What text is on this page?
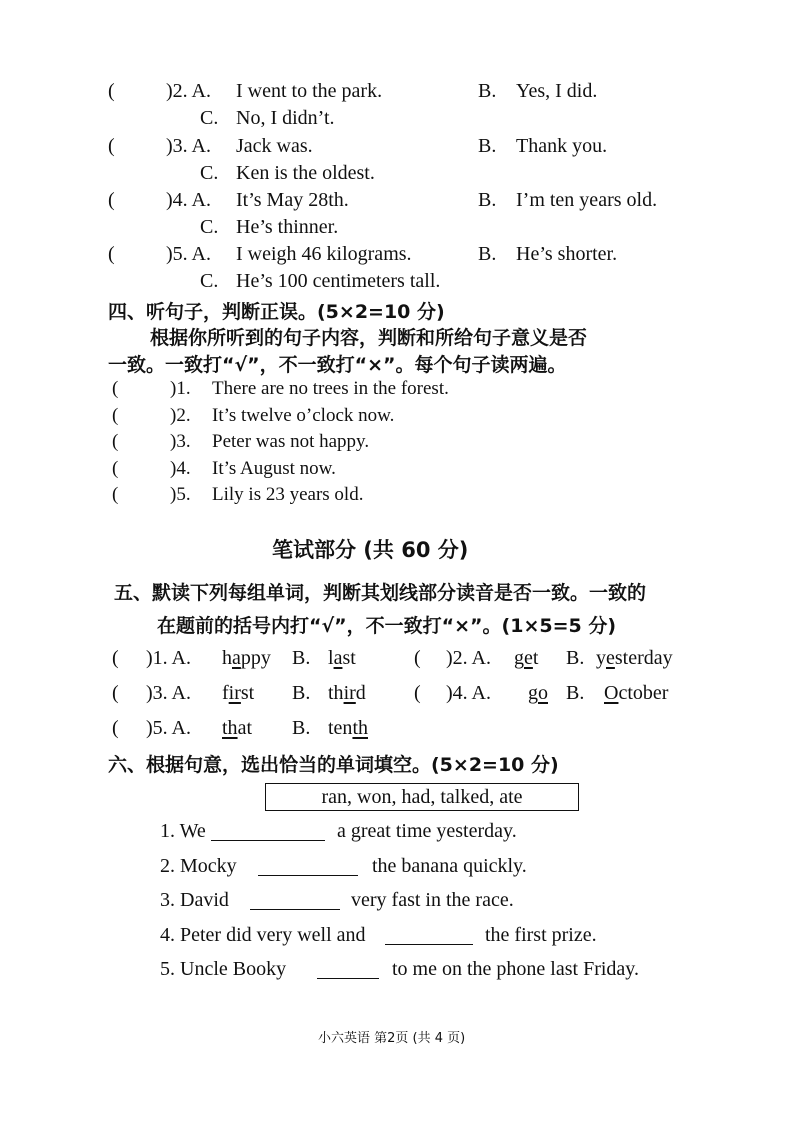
(	)2. A. I went to the park.	B. Yes, I did.
C. No, I didn’t.
(	)3. A. Jack was.	B. Thank you.
C. Ken is the oldest.
(	)4. A. It’s May 28th.	B. I’m ten years old.
C. He’s thinner.
(	)5. A. I weigh 46 kilograms.	B. He’s shorter.
C. He’s 100 centimeters tall.
四、听句子，判断正误。(5×2=10 分)
根据你所听到的句子内容，判断和所给句子意义是否
一致。一致打“√”，不一致打“×”。每个句子读两遍。
(	)1. There are no trees in the forest.
(	)2. It’s twelve o’clock now.
(	)3. Peter was not happy.
(	)4. It’s August now.
(	)5. Lily is 23 years old.
笔试部分 (共 60 分)
五、默读下列每组单词，判断其划线部分读音是否一致。一致的
在题前的括号内打“√”，不一致打“×”。(1×5=5 分)
( )1. A. happy B. last	( )2. A. get B. yesterday
( )3. A. first B. third ( )4. A. go B. October
( )5. A. that B. tenth
六、根据句意，选出恰当的单词填空。(5×2=10 分)
ran, won, had, talked, ate
1. We	a great time yesterday.
2. Mocky	the banana quickly.
3. David	very fast in the race.
4. Peter did very well and	the first prize.
5. Uncle Booky	to me on the phone last Friday.
小六英语 第2页 (共 4 页)
